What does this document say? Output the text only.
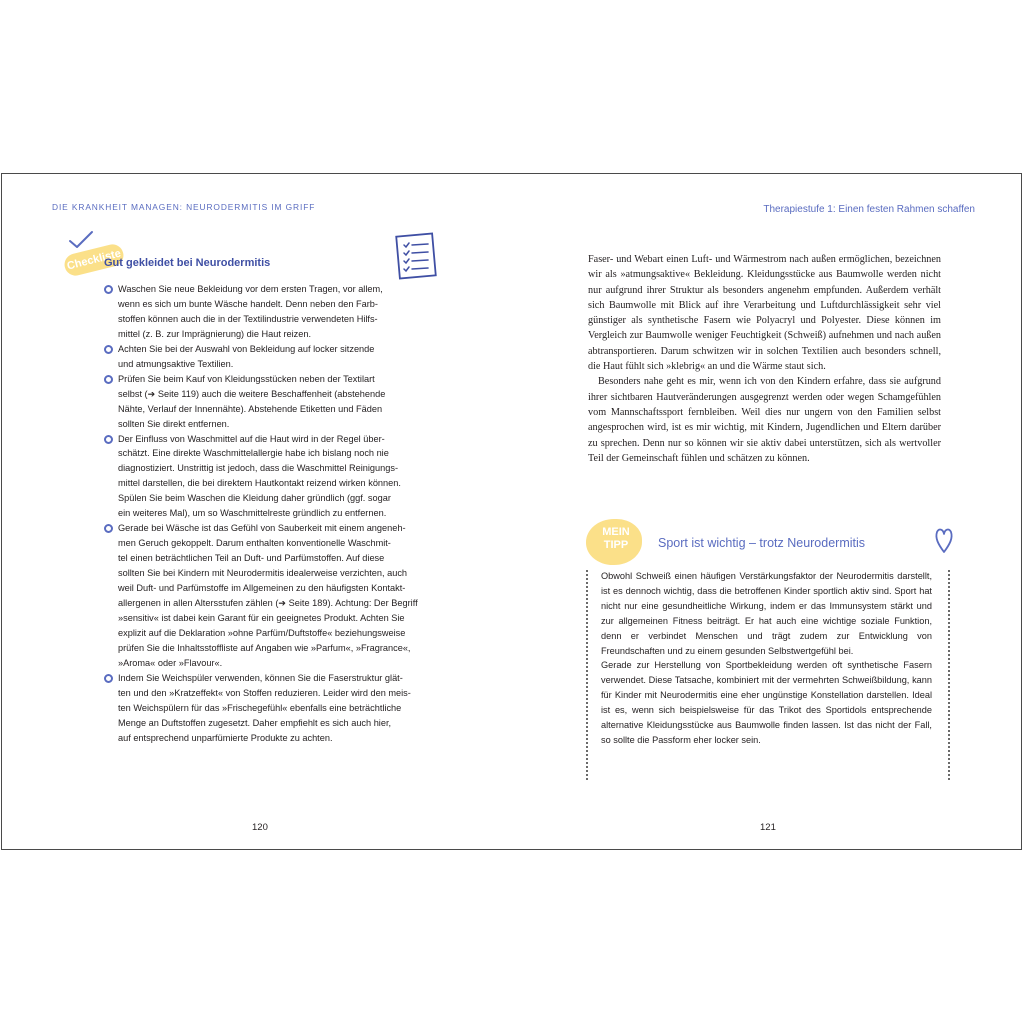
DIE KRANKHEIT MANAGEN: NEURODERMITIS IM GRIFF
Checkliste
Gut gekleidet bei Neurodermitis
Waschen Sie neue Bekleidung vor dem ersten Tragen, vor allem,
wenn es sich um bunte Wäsche handelt. Denn neben den Farb-
stoffen können auch die in der Textilindustrie verwendeten Hilfs-
mittel (z. B. zur Imprägnierung) die Haut reizen.
Achten Sie bei der Auswahl von Bekleidung auf locker sitzende
und atmungsaktive Textilien.
Prüfen Sie beim Kauf von Kleidungsstücken neben der Textilart
selbst (➔ Seite 119) auch die weitere Beschaffenheit (abstehende
Nähte, Verlauf der Innennähte). Abstehende Etiketten und Fäden
sollten Sie direkt entfernen.
Der Einfluss von Waschmittel auf die Haut wird in der Regel über-
schätzt. Eine direkte Waschmittelallergie habe ich bislang noch nie
diagnostiziert. Unstrittig ist jedoch, dass die Waschmittel Reinigungs-
mittel darstellen, die bei direktem Hautkontakt reizend wirken können.
Spülen Sie beim Waschen die Kleidung daher gründlich (ggf. sogar
ein weiteres Mal), um so Waschmittelreste gründlich zu entfernen.
Gerade bei Wäsche ist das Gefühl von Sauberkeit mit einem angeneh-
men Geruch gekoppelt. Darum enthalten konventionelle Waschmit-
tel einen beträchtlichen Teil an Duft- und Parfümstoffen. Auf diese
sollten Sie bei Kindern mit Neurodermitis idealerweise verzichten, auch
weil Duft- und Parfümstoffe im Allgemeinen zu den häufigsten Kontakt-
allergenen in allen Altersstufen zählen (➔ Seite 189). Achtung: Der Begriff
»sensitiv« ist dabei kein Garant für ein geeignetes Produkt. Achten Sie
explizit auf die Deklaration »ohne Parfüm/Duftstoffe« beziehungsweise
prüfen Sie die Inhaltsstoffliste auf Angaben wie »Parfum«, »Fragrance«,
»Aroma« oder »Flavour«.
Indem Sie Weichspüler verwenden, können Sie die Faserstruktur glät-
ten und den »Kratzeffekt« von Stoffen reduzieren. Leider wird den meis-
ten Weichspülern für das »Frischegefühl« ebenfalls eine beträchtliche
Menge an Duftstoffen zugesetzt. Daher empfiehlt es sich auch hier,
auf entsprechend unparfümierte Produkte zu achten.
120
Therapiestufe 1: Einen festen Rahmen schaffen

Faser- und Webart einen Luft- und Wärmestrom nach außen ermöglichen, bezeichnen wir als »atmungsaktive« Bekleidung. Kleidungsstücke aus Baumwolle werden nicht nur aufgrund ihrer Struktur als besonders angenehm empfunden. Außerdem verhält sich Baumwolle mit Blick auf ihre Verarbeitung und Luftdurchlässigkeit sehr viel günstiger als synthetische Fasern wie Polyacryl und Polyester. Diese können im Vergleich zur Baumwolle weniger Feuchtigkeit (Schweiß) aufnehmen und nach außen abtransportieren. Darum schwitzen wir in solchen Textilien auch besonders schnell, die Haut fühlt sich »klebrig« an und die Wärme staut sich.

Besonders nahe geht es mir, wenn ich von den Kindern erfahre, dass sie aufgrund ihrer sichtbaren Hautveränderungen ausgegrenzt werden oder wegen Schamgefühlen vom Mannschaftssport fernbleiben. Weil dies nur ungern von den Familien selbst angesprochen wird, ist es mir wichtig, mit Kindern, Jugendlichen und Eltern darüber zu sprechen. Denn nur so können wir sie aktiv dabei unterstützen, sich als wertvoller Teil der Gemeinschaft fühlen und schätzen zu können.

MEIN TIPP	Sport ist wichtig – trotz Neurodermitis

Obwohl Schweiß einen häufigen Verstärkungsfaktor der Neurodermitis darstellt, ist es dennoch wichtig, dass die betroffenen Kinder sportlich aktiv sind. Sport hat nicht nur eine gesundheitliche Wirkung, indem er das Immunsystem stärkt und zur allgemeinen Fitness beiträgt. Er hat auch eine wichtige soziale Funktion, denn er verbindet Menschen und trägt zudem zur Entwicklung von Freundschaften und zu einem gesunden Selbstwertgefühl bei.

Gerade zur Herstellung von Sportbekleidung werden oft synthetische Fasern verwendet. Diese Tatsache, kombiniert mit der vermehrten Schweißbildung, kann für Kinder mit Neurodermitis eine eher ungünstige Konstellation darstellen. Ideal ist es, wenn sich beispielsweise für das Trikot des Sportidols entsprechende alternative Kleidungsstücke aus Baumwolle finden lassen. Ist das nicht der Fall, so sollte die Passform eher locker sein.

121
